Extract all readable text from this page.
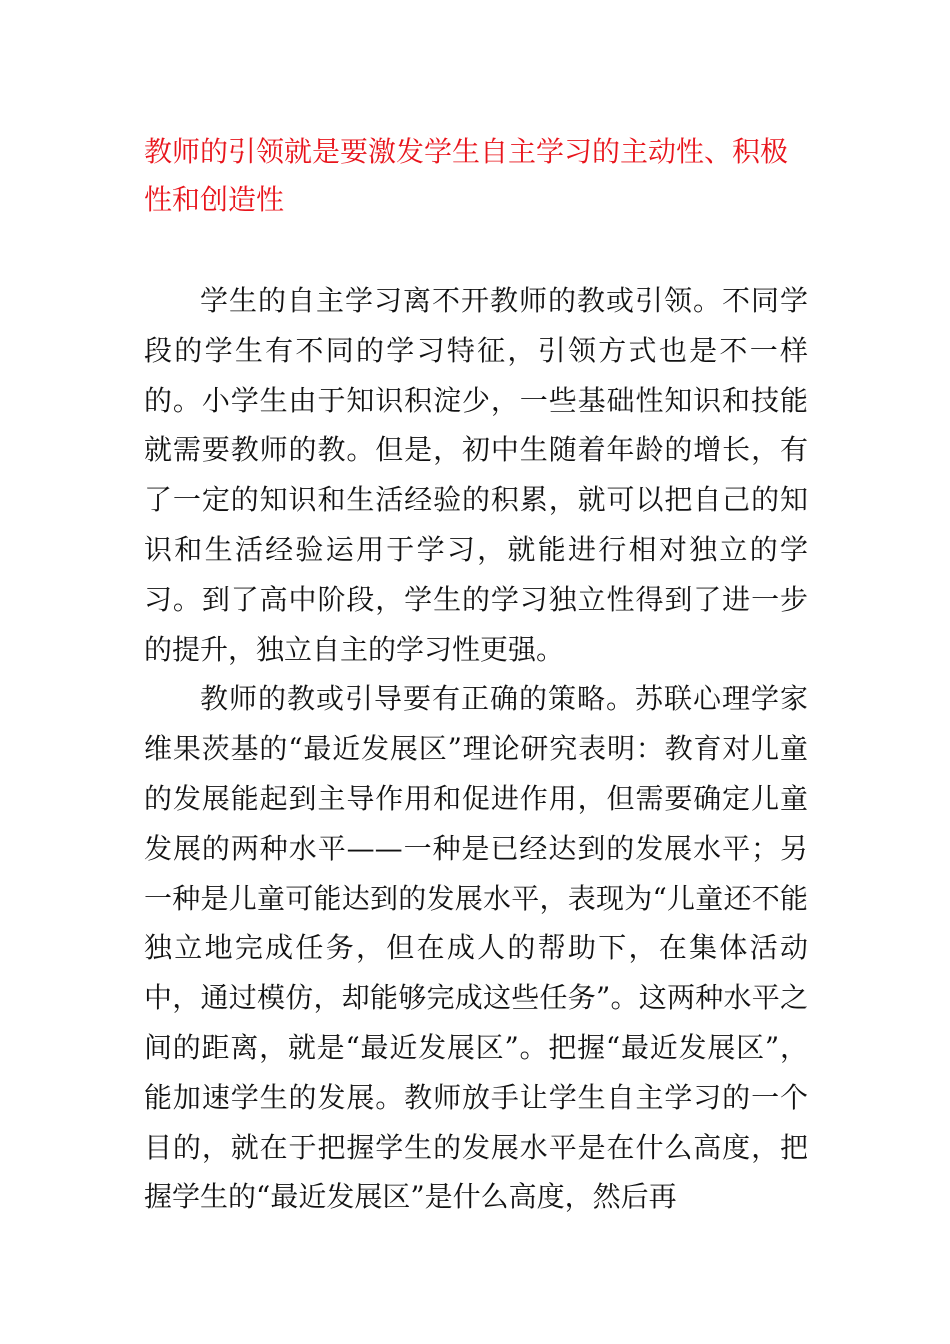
教师的引领就是要激发学生自主学习的主动性、积极性和创造性

学生的自主学习离不开教师的教或引领。不同学段的学生有不同的学习特征，引领方式也是不一样的。小学生由于知识积淀少，一些基础性知识和技能就需要教师的教。但是，初中生随着年龄的增长，有了一定的知识和生活经验的积累，就可以把自己的知识和生活经验运用于学习，就能进行相对独立的学习。到了高中阶段，学生的学习独立性得到了进一步的提升，独立自主的学习性更强。

教师的教或引导要有正确的策略。苏联心理学家维果茨基的“最近发展区”理论研究表明：教育对儿童的发展能起到主导作用和促进作用，但需要确定儿童发展的两种水平——一种是已经达到的发展水平；另一种是儿童可能达到的发展水平，表现为“儿童还不能独立地完成任务，但在成人的帮助下，在集体活动中，通过模仿，却能够完成这些任务”。这两种水平之间的距离，就是“最近发展区”。把握“最近发展区”，能加速学生的发展。教师放手让学生自主学习的一个目的，就在于把握学生的发展水平是在什么高度，把握学生的“最近发展区”是什么高度，然后再
